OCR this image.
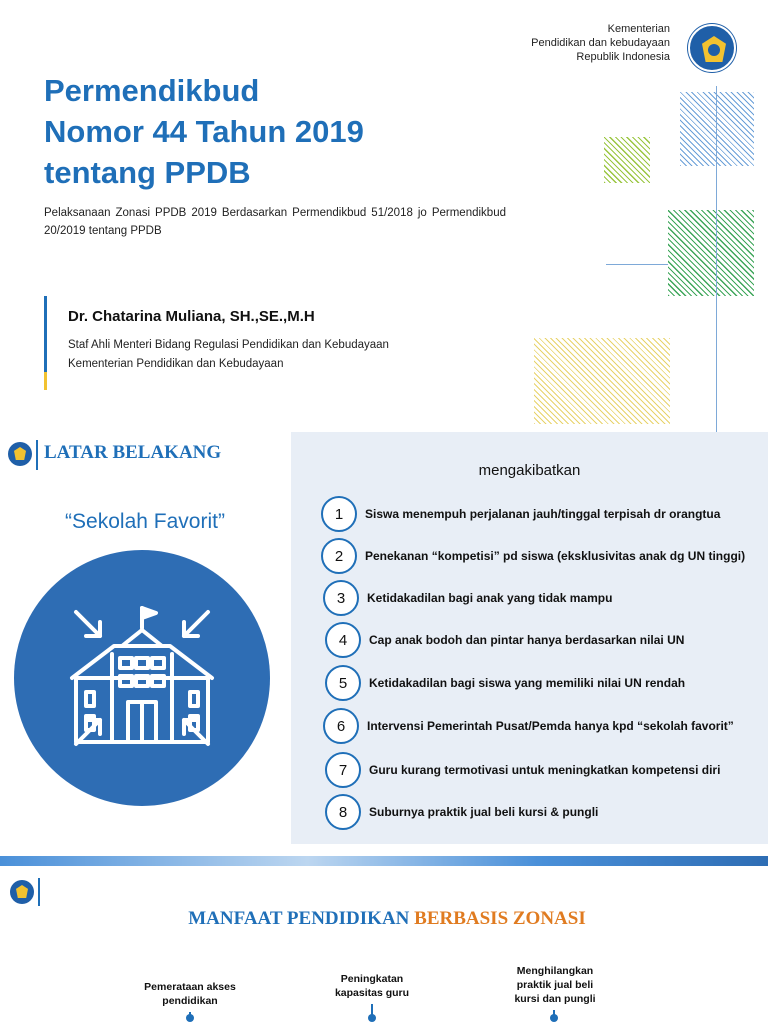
Kementerian
Pendidikan dan kebudayaan
Republik Indonesia
Permendikbud
Nomor 44 Tahun 2019
tentang PPDB

Pelaksanaan Zonasi PPDB 2019 Berdasarkan Permendikbud 51/2018 jo Permendikbud 20/2019 tentang PPDB

Dr. Chatarina Muliana, SH.,SE.,M.H
Staf Ahli Menteri Bidang Regulasi Pendidikan dan Kebudayaan
Kementerian Pendidikan dan Kebudayaan
LATAR BELAKANG
“Sekolah Favorit”
mengakibatkan
1	Siswa menempuh perjalanan jauh/tinggal terpisah dr orangtua
2	Penekanan “kompetisi” pd siswa (eksklusivitas anak dg UN tinggi)
3	Ketidakadilan bagi anak yang tidak mampu
4	Cap anak bodoh dan pintar hanya berdasarkan nilai UN
5	Ketidakadilan bagi siswa yang memiliki nilai UN rendah
6	Intervensi Pemerintah Pusat/Pemda hanya kpd “sekolah favorit”
7	Guru kurang termotivasi untuk meningkatkan kompetensi diri
8	Suburnya praktik jual beli kursi & pungli
MANFAAT PENDIDIKAN BERBASIS ZONASI
Pemerataan akses
pendidikan
Peningkatan
kapasitas guru
Menghilangkan
praktik jual beli
kursi dan pungli
